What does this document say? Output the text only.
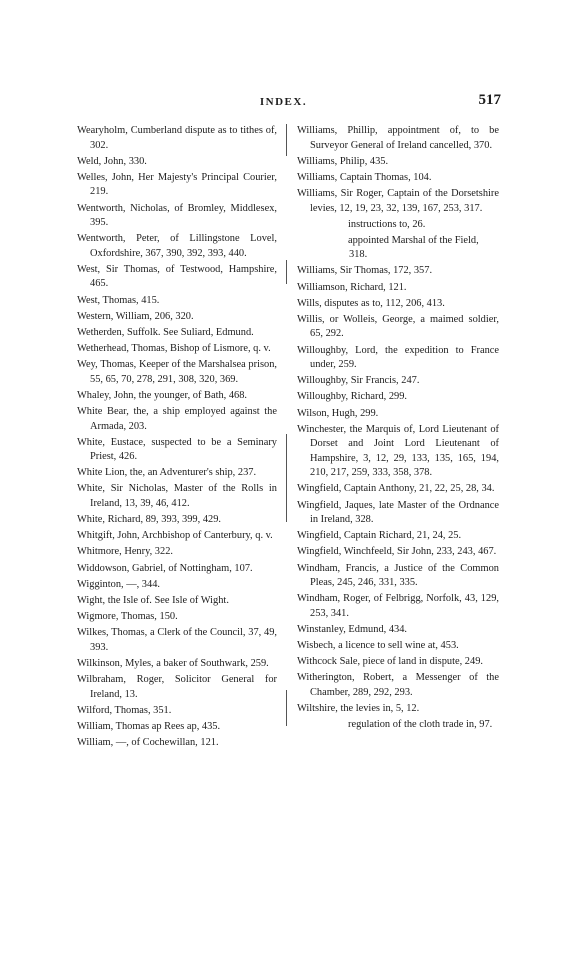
INDEX.	517
Wearyholm, Cumberland dispute as to tithes of, 302.
Weld, John, 330.
Welles, John, Her Majesty's Principal Courier, 219.
Wentworth, Nicholas, of Bromley, Middlesex, 395.
Wentworth, Peter, of Lillingstone Lovel, Oxfordshire, 367, 390, 392, 393, 440.
West, Sir Thomas, of Testwood, Hampshire, 465.
West, Thomas, 415.
Western, William, 206, 320.
Wetherden, Suffolk. See Suliard, Edmund.
Wetherhead, Thomas, Bishop of Lismore, q. v.
Wey, Thomas, Keeper of the Marshalsea prison, 55, 65, 70, 278, 291, 308, 320, 369.
Whaley, John, the younger, of Bath, 468.
White Bear, the, a ship employed against the Armada, 203.
White, Eustace, suspected to be a Seminary Priest, 426.
White Lion, the, an Adventurer's ship, 237.
White, Sir Nicholas, Master of the Rolls in Ireland, 13, 39, 46, 412.
White, Richard, 89, 393, 399, 429.
Whitgift, John, Archbishop of Canterbury, q. v.
Whitmore, Henry, 322.
Widdowson, Gabriel, of Nottingham, 107.
Wigginton, —, 344.
Wight, the Isle of. See Isle of Wight.
Wigmore, Thomas, 150.
Wilkes, Thomas, a Clerk of the Council, 37, 49, 393.
Wilkinson, Myles, a baker of Southwark, 259.
Wilbraham, Roger, Solicitor General for Ireland, 13.
Wilford, Thomas, 351.
William, Thomas ap Rees ap, 435.
William, —, of Cochewillan, 121.
Williams, Phillip, appointment of, to be Surveyor General of Ireland cancelled, 370.
Williams, Philip, 435.
Williams, Captain Thomas, 104.
Williams, Sir Roger, Captain of the Dorsetshire levies, 12, 19, 23, 32, 139, 167, 253, 317.
instructions to, 26.
appointed Marshal of the Field, 318.
Williams, Sir Thomas, 172, 357.
Williamson, Richard, 121.
Wills, disputes as to, 112, 206, 413.
Willis, or Wolleis, George, a maimed soldier, 65, 292.
Willoughby, Lord, the expedition to France under, 259.
Willoughby, Sir Francis, 247.
Willoughby, Richard, 299.
Wilson, Hugh, 299.
Winchester, the Marquis of, Lord Lieutenant of Dorset and Joint Lord Lieutenant of Hampshire, 3, 12, 29, 133, 135, 165, 194, 210, 217, 259, 333, 358, 378.
Wingfield, Captain Anthony, 21, 22, 25, 28, 34.
Wingfield, Jaques, late Master of the Ordnance in Ireland, 328.
Wingfield, Captain Richard, 21, 24, 25.
Wingfield, Winchfeeld, Sir John, 233, 243, 467.
Windham, Francis, a Justice of the Common Pleas, 245, 246, 331, 335.
Windham, Roger, of Felbrigg, Norfolk, 43, 129, 253, 341.
Winstanley, Edmund, 434.
Wisbech, a licence to sell wine at, 453.
Withcock Sale, piece of land in dispute, 249.
Witherington, Robert, a Messenger of the Chamber, 289, 292, 293.
Wiltshire, the levies in, 5, 12.
regulation of the cloth trade in, 97.
